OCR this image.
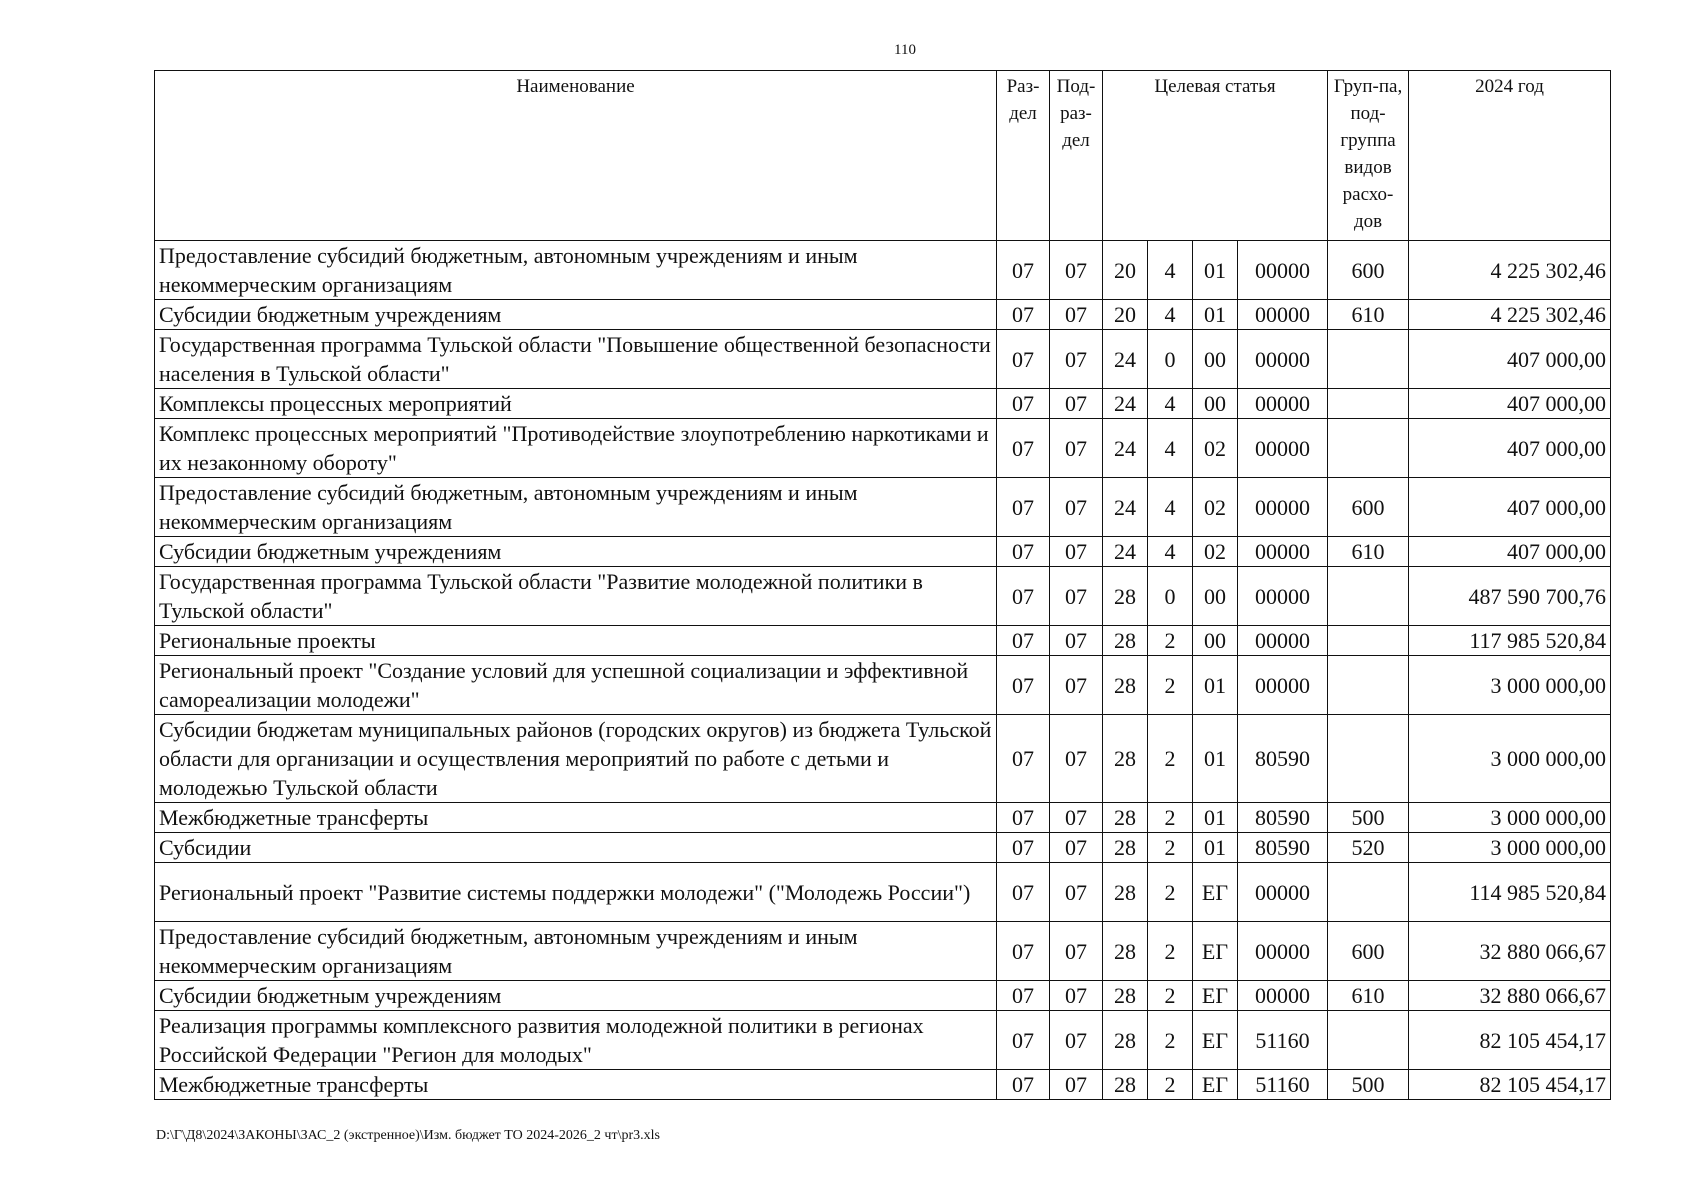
110
Наименование	Раз-дел	Под-раз-дел	Целевая статья				Груп-па, под-группа видов расхо-дов	2024 год
Предоставление субсидий бюджетным, автономным учреждениям и иным некоммерческим организациям	07	07	20	4	01	00000	600	4 225 302,46
Субсидии бюджетным учреждениям	07	07	20	4	01	00000	610	4 225 302,46
Государственная программа Тульской области "Повышение общественной безопасности населения в Тульской области"	07	07	24	0	00	00000		407 000,00
Комплексы процессных мероприятий	07	07	24	4	00	00000		407 000,00
Комплекс процессных мероприятий "Противодействие злоупотреблению наркотиками и их незаконному обороту"	07	07	24	4	02	00000		407 000,00
Предоставление субсидий бюджетным, автономным учреждениям и иным некоммерческим организациям	07	07	24	4	02	00000	600	407 000,00
Субсидии бюджетным учреждениям	07	07	24	4	02	00000	610	407 000,00
Государственная программа Тульской области "Развитие молодежной политики в Тульской области"	07	07	28	0	00	00000		487 590 700,76
Региональные проекты	07	07	28	2	00	00000		117 985 520,84
Региональный проект "Создание условий для успешной социализации и эффективной самореализации молодежи"	07	07	28	2	01	00000		3 000 000,00
Субсидии бюджетам муниципальных районов (городских округов) из бюджета Тульской области для организации и осуществления мероприятий по работе с детьми и молодежью Тульской области	07	07	28	2	01	80590		3 000 000,00
Межбюджетные трансферты	07	07	28	2	01	80590	500	3 000 000,00
Субсидии	07	07	28	2	01	80590	520	3 000 000,00
Региональный проект "Развитие системы поддержки молодежи" ("Молодежь России")	07	07	28	2	ЕГ	00000		114 985 520,84
Предоставление субсидий бюджетным, автономным учреждениям и иным некоммерческим организациям	07	07	28	2	ЕГ	00000	600	32 880 066,67
Субсидии бюджетным учреждениям	07	07	28	2	ЕГ	00000	610	32 880 066,67
Реализация программы комплексного развития молодежной политики в регионах Российской Федерации "Регион для молодых"	07	07	28	2	ЕГ	51160		82 105 454,17
Межбюджетные трансферты	07	07	28	2	ЕГ	51160	500	82 105 454,17
D:\Г\Д8\2024\ЗАКОНЫ\ЗАС_2 (экстренное)\Изм. бюджет ТО 2024-2026_2 чт\pr3.xls
